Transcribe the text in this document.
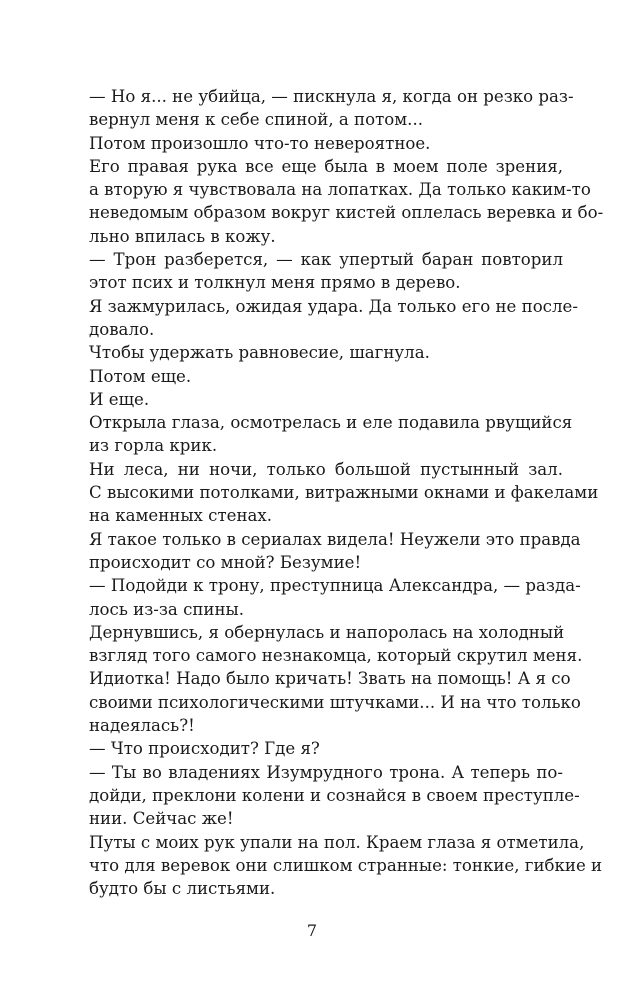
— Но я... не убийца, — пискнула я, когда он резко раз-
вернул меня к себе спиной, а потом...

Потом произошло что-то невероятное.

Его правая рука все еще была в моем поле зрения,
а вторую я чувствовала на лопатках. Да только каким-то
неведомым образом вокруг кистей оплелась веревка и бо-
льно впилась в кожу.

— Трон разберется, — как упертый баран повторил
этот псих и толкнул меня прямо в дерево.

Я зажмурилась, ожидая удара. Да только его не после-
довало.

Чтобы удержать равновесие, шагнула.

Потом еще.

И еще.

Открыла глаза, осмотрелась и еле подавила рвущийся
из горла крик.

Ни леса, ни ночи, только большой пустынный зал.
С высокими потолками, витражными окнами и факелами
на каменных стенах.

Я такое только в сериалах видела! Неужели это правда
происходит со мной? Безумие!

— Подойди к трону, преступница Александра, — разда-
лось из-за спины.

Дернувшись, я обернулась и напоролась на холодный
взгляд того самого незнакомца, который скрутил меня.

Идиотка! Надо было кричать! Звать на помощь! А я со
своими психологическими штучками... И на что только
надеялась?!

— Что происходит? Где я?

— Ты во владениях Изумрудного трона. А теперь по-
дойди, преклони колени и сознайся в своем преступле-
нии. Сейчас же!

Путы с моих рук упали на пол. Краем глаза я отметила,
что для веревок они слишком странные: тонкие, гибкие и
будто бы с листьями.

7
